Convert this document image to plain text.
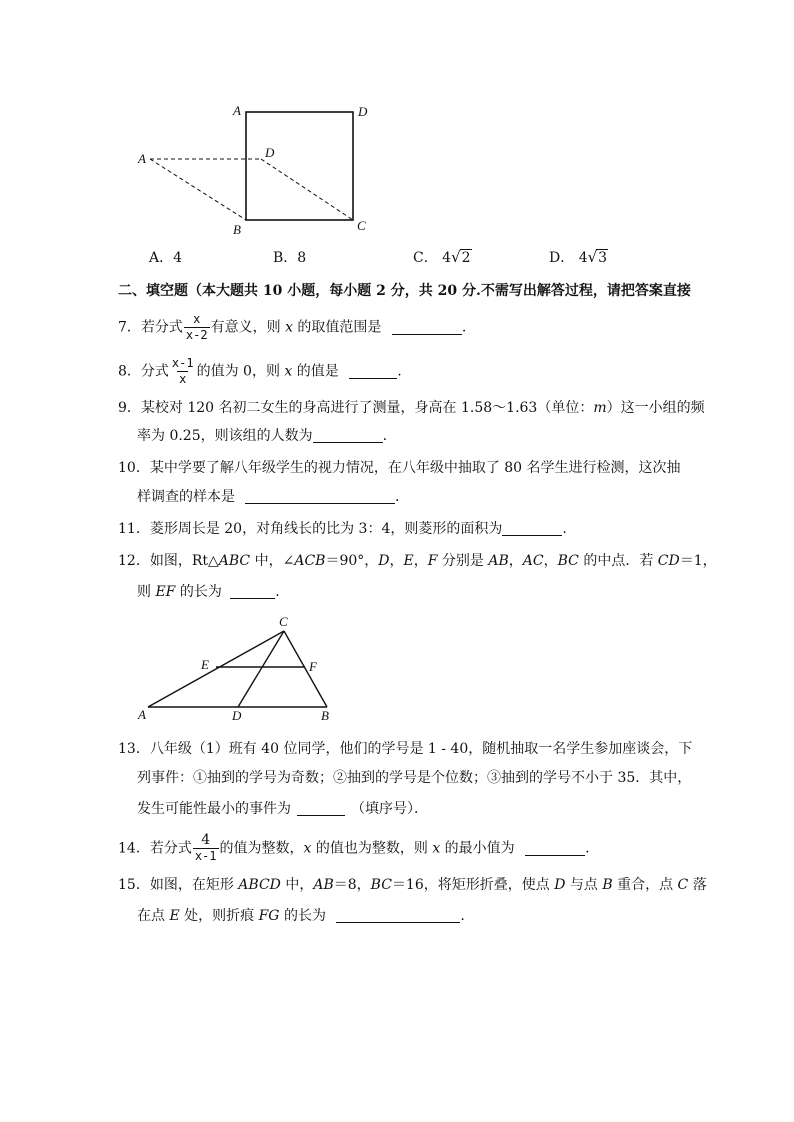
A	D
A	D
B	C
A．4	B．8	C． 4√2	D． 4√3
二、填空题（本大题共 10 小题，每小题 2 分，共 20 分.不需写出解答过程，请把答案直接
7．若分式 $\frac{x}{x-2}$ 有意义，则 x 的取值范围是	.
8．分式 $\frac{x-1}{x}$ 的值为 0，则 x 的值是	.
9．某校对 120 名初二女生的身高进行了测量，身高在 1.58～1.63（单位：m）这一小组的频
率为 0.25，则该组的人数为	.
10．某中学要了解八年级学生的视力情况，在八年级中抽取了 80 名学生进行检测，这次抽
样调查的样本是	.
11．菱形周长是 20，对角线长的比为 3：4，则菱形的面积为	.
12．如图，Rt△ABC 中，∠ACB＝90°，D，E，F 分别是 AB，AC，BC 的中点．若 CD＝1，
则 EF 的长为	.
C
E	F
A	D	B
13．八年级（1）班有 40 位同学，他们的学号是 1 - 40，随机抽取一名学生参加座谈会，下
列事件：①抽到的学号为奇数；②抽到的学号是个位数；③抽到的学号不小于 35．其中，
发生可能性最小的事件为	（填序号）．
14．若分式 $\frac{4}{x-1}$ 的值为整数，x 的值也为整数，则 x 的最小值为	.
15．如图，在矩形 ABCD 中，AB＝8，BC＝16，将矩形折叠，使点 D 与点 B 重合，点 C 落
在点 E 处，则折痕 FG 的长为	.
